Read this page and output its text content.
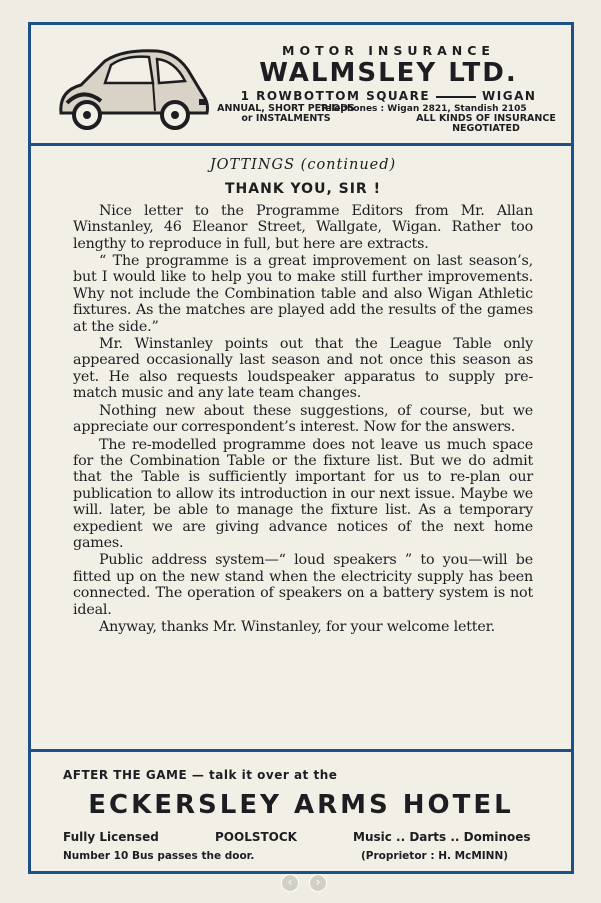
MOTOR INSURANCE

WALMSLEY LTD.

1 ROWBOTTOM SQUARE	WIGAN

Telephones : Wigan 2821, Standish 2105

ANNUAL, SHORT PERIODS or INSTALMENTS	ALL KINDS OF INSURANCE NEGOTIATED

JOTTINGS (continued)

THANK YOU, SIR !

Nice letter to the Programme Editors from Mr. Allan Winstanley, 46 Eleanor Street, Wallgate, Wigan. Rather too lengthy to reproduce in full, but here are extracts.

“ The programme is a great improvement on last season’s, but I would like to help you to make still further improvements. Why not include the Combination table and also Wigan Athletic fixtures. As the matches are played add the results of the games at the side.”

Mr. Winstanley points out that the League Table only appeared occasionally last season and not once this season as yet. He also requests loudspeaker apparatus to supply pre-match music and any late team changes.

Nothing new about these suggestions, of course, but we appreciate our correspondent’s interest. Now for the answers.

The re-modelled programme does not leave us much space for the Combination Table or the fixture list. But we do admit that the Table is sufficiently important for us to re-plan our publication to allow its introduction in our next issue. Maybe we will. later, be able to manage the fixture list. As a temporary expedient we are giving advance notices of the next home games.

Public address system—“ loud speakers ” to you—will be fitted up on the new stand when the electricity supply has been connected. The operation of speakers on a battery system is not ideal.

Anyway, thanks Mr. Winstanley, for your welcome letter.

AFTER THE GAME — talk it over at the
ECKERSLEY ARMS HOTEL
Fully Licensed	POOLSTOCK	Music .. Darts .. Dominoes
Number 10 Bus passes the door.	(Proprietor : H. McMINN)
‹	›
